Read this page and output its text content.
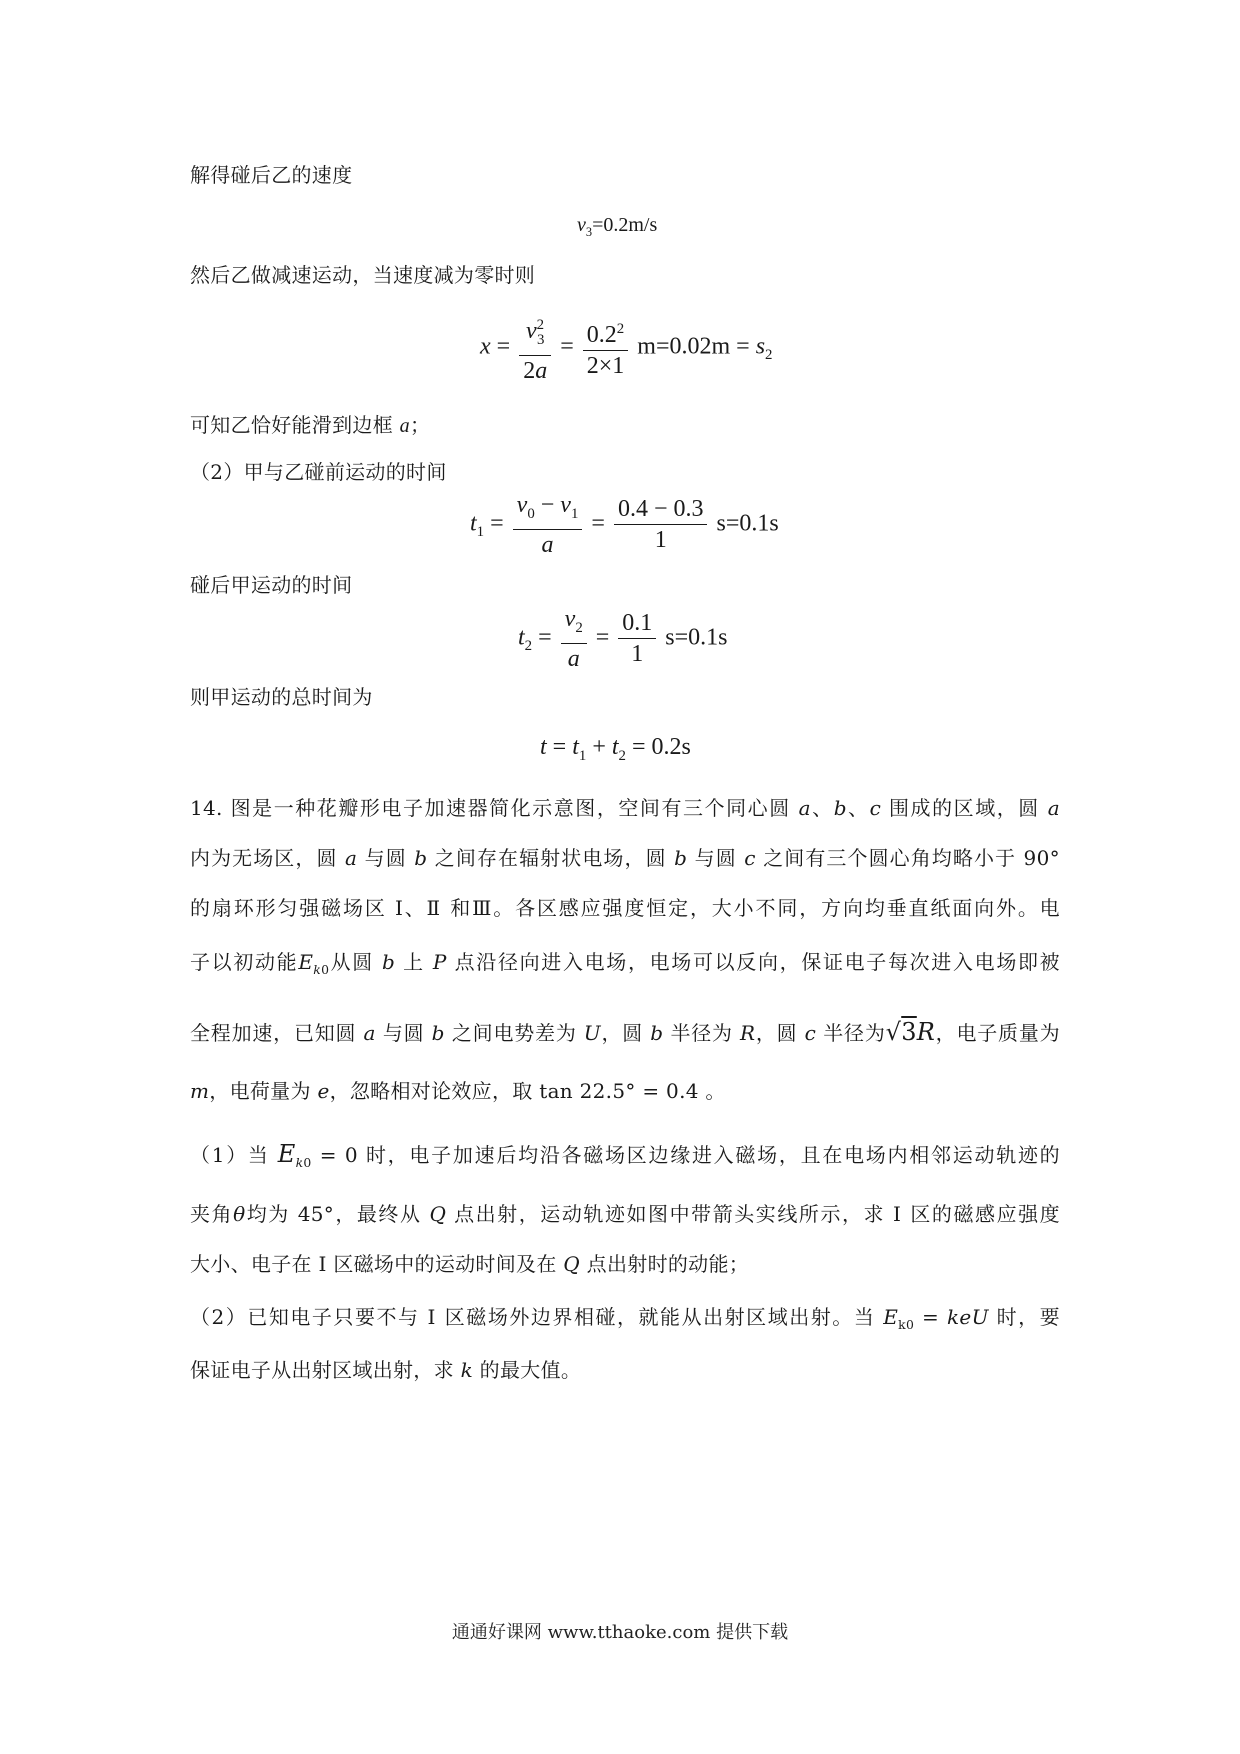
解得碰后乙的速度
$v_3=0.2m/s$
然后乙做减速运动，当速度减为零时则
$x = \frac{v^2_3}{2a} = \frac{0.2^2}{2\times 1} m=0.02m = s_2$
可知乙恰好能滑到边框 a；
（2）甲与乙碰前运动的时间
$t_1 = \frac{v_0 - v_1}{a} = \frac{0.4 - 0.3}{1} s=0.1s$
碰后甲运动的时间
$t_2 = \frac{v_2}{a} = \frac{0.1}{1} s=0.1s$
则甲运动的总时间为
$t = t_1 + t_2 = 0.2s$
14. 图是一种花瓣形电子加速器简化示意图，空间有三个同心圆 a、b、c 围成的区域，圆 a
内为无场区，圆 a 与圆 b 之间存在辐射状电场，圆 b 与圆 c 之间有三个圆心角均略小于 90°
的扇环形匀强磁场区 Ⅰ、Ⅱ 和Ⅲ。各区感应强度恒定，大小不同，方向均垂直纸面向外。电
子以初动能$E_{k0}$从圆 b 上 P 点沿径向进入电场，电场可以反向，保证电子每次进入电场即被
全程加速，已知圆 a 与圆 b 之间电势差为 U，圆 b 半径为 R，圆 c 半径为√3R，电子质量为
m，电荷量为 e，忽略相对论效应，取 tan 22.5° = 0.4 。
（1）当 $E_{k0} = 0$ 时，电子加速后均沿各磁场区边缘进入磁场，且在电场内相邻运动轨迹的
夹角θ均为 45°，最终从 Q 点出射，运动轨迹如图中带箭头实线所示，求 Ⅰ 区的磁感应强度
大小、电子在 Ⅰ 区磁场中的运动时间及在 Q 点出射时的动能；
（2）已知电子只要不与 Ⅰ 区磁场外边界相碰，就能从出射区域出射。当 $E_{k0}$ = keU 时，要
保证电子从出射区域出射，求 k 的最大值。
通通好课网 www.tthaoke.com 提供下载
